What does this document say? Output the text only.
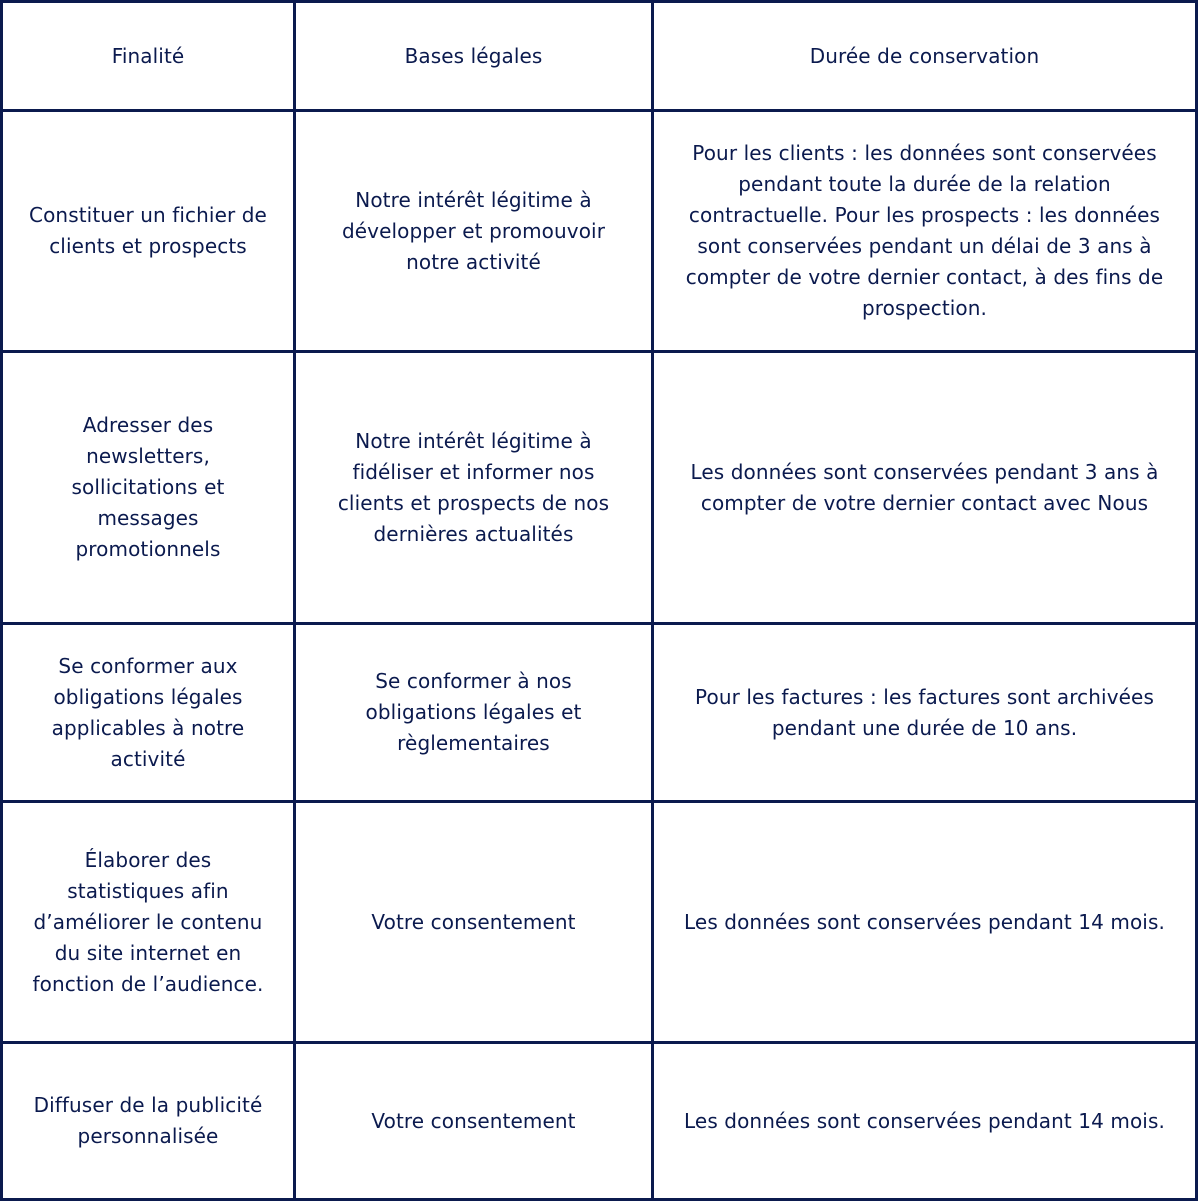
Finalité	Bases légales	Durée de conservation
Constituer un fichier de clients et prospects	Notre intérêt légitime à développer et promouvoir notre activité	Pour les clients : les données sont conservées pendant toute la durée de la relation contractuelle. Pour les prospects : les données sont conservées pendant un délai de 3 ans à compter de votre dernier contact, à des fins de prospection.
Adresser des newsletters, sollicitations et messages promotionnels	Notre intérêt légitime à fidéliser et informer nos clients et prospects de nos dernières actualités	Les données sont conservées pendant 3 ans à compter de votre dernier contact avec Nous
Se conformer aux obligations légales applicables à notre activité	Se conformer à nos obligations légales et règlementaires	Pour les factures : les factures sont archivées pendant une durée de 10 ans.
Élaborer des statistiques afin d’améliorer le contenu du site internet en fonction de l’audience.	Votre consentement	Les données sont conservées pendant 14 mois.
Diffuser de la publicité personnalisée	Votre consentement	Les données sont conservées pendant 14 mois.
